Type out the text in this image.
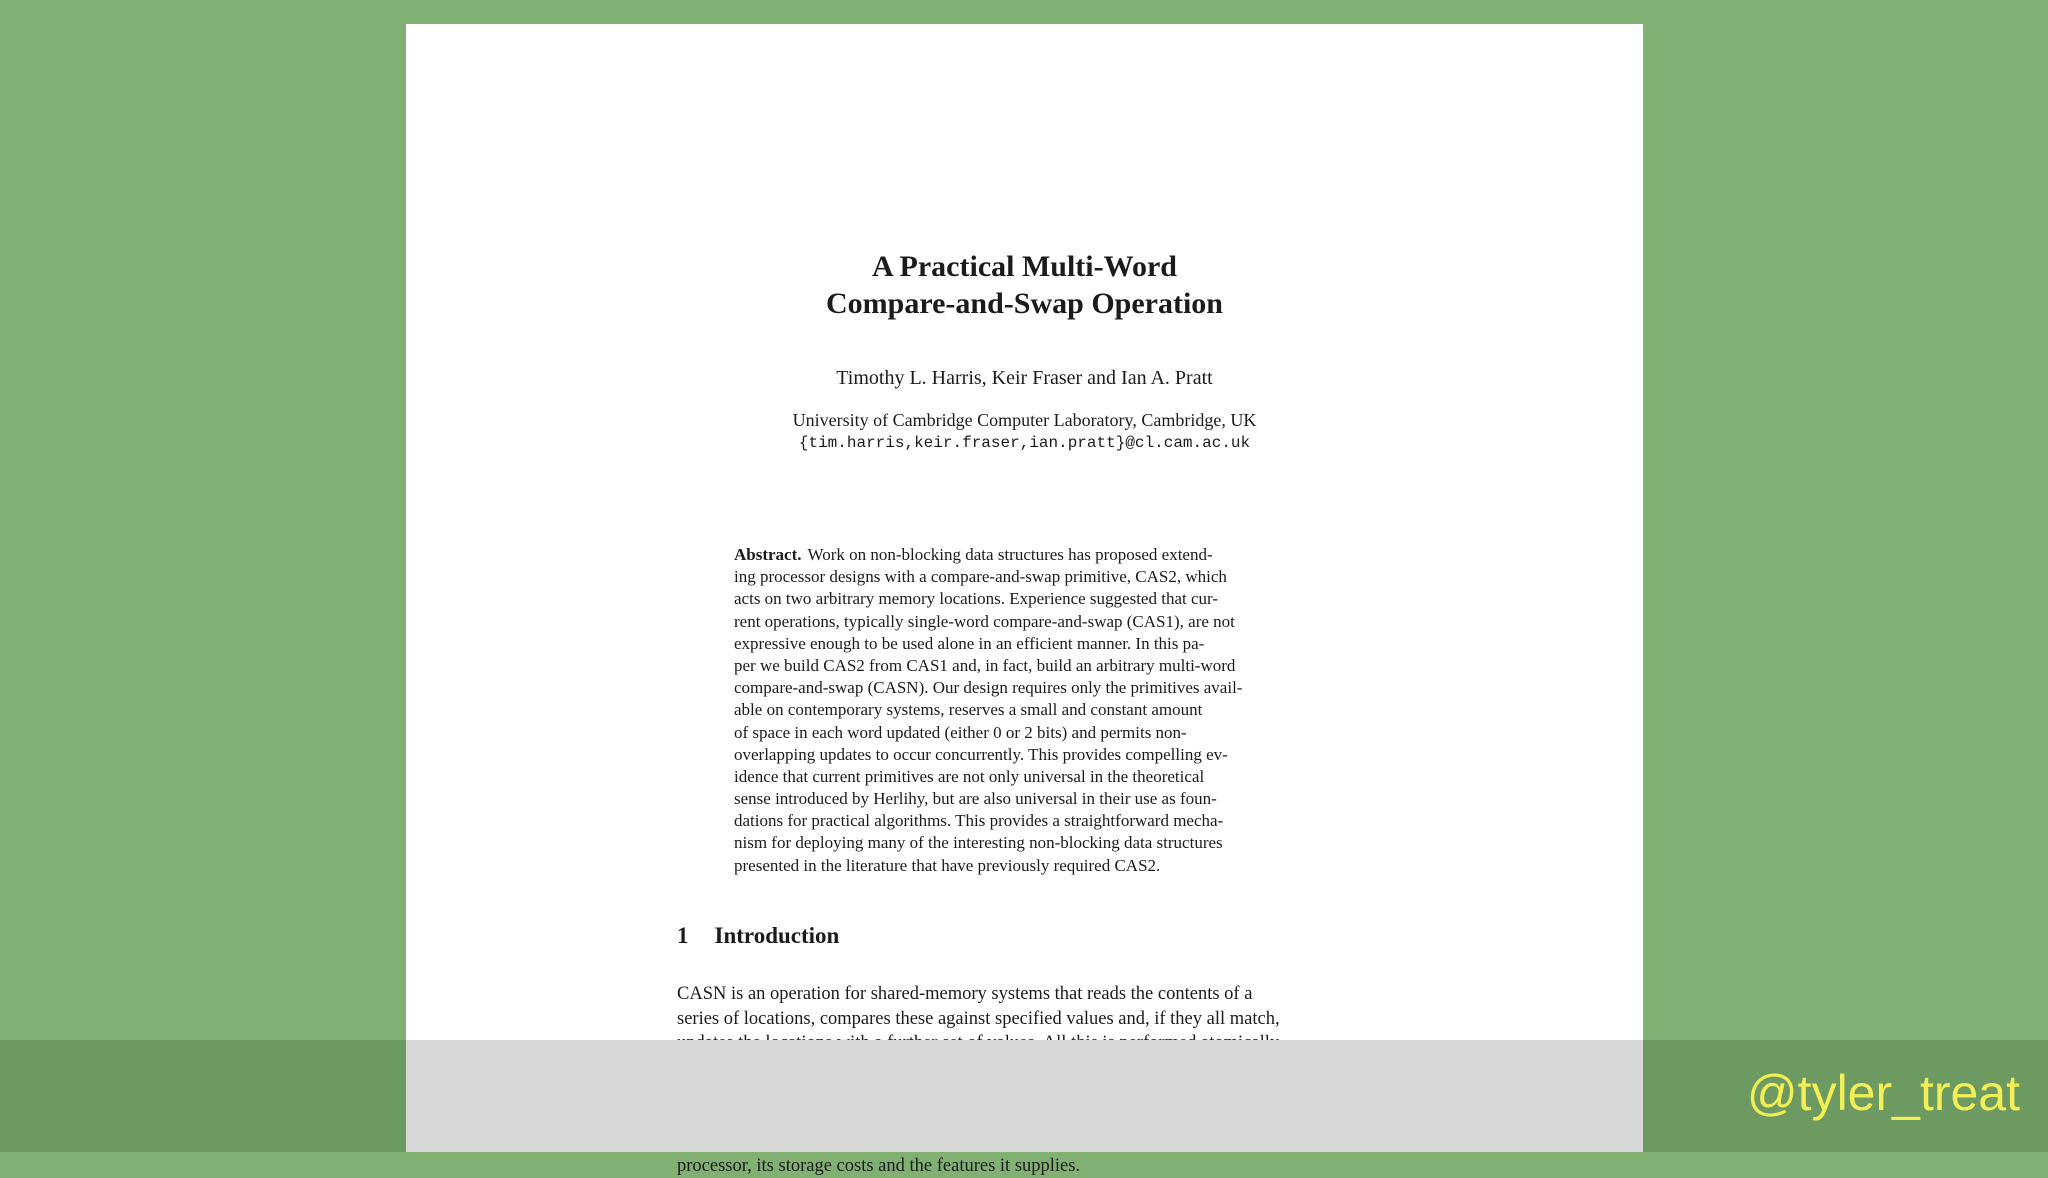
A Practical Multi-Word
Compare-and-Swap Operation
Timothy L. Harris, Keir Fraser and Ian A. Pratt
University of Cambridge Computer Laboratory, Cambridge, UK
{tim.harris,keir.fraser,ian.pratt}@cl.cam.ac.uk
Abstract. Work on non-blocking data structures has proposed extend-
ing processor designs with a compare-and-swap primitive, CAS2, which
acts on two arbitrary memory locations. Experience suggested that cur-
rent operations, typically single-word compare-and-swap (CAS1), are not
expressive enough to be used alone in an efficient manner. In this pa-
per we build CAS2 from CAS1 and, in fact, build an arbitrary multi-word
compare-and-swap (CASN). Our design requires only the primitives avail-
able on contemporary systems, reserves a small and constant amount
of space in each word updated (either 0 or 2 bits) and permits non-
overlapping updates to occur concurrently. This provides compelling ev-
idence that current primitives are not only universal in the theoretical
sense introduced by Herlihy, but are also universal in their use as foun-
dations for practical algorithms. This provides a straightforward mecha-
nism for deploying many of the interesting non-blocking data structures
presented in the literature that have previously required CAS2.
1 Introduction
CASN is an operation for shared-memory systems that reads the contents of a
series of locations, compares these against specified values and, if they all match,
processor, its storage costs and the features it supplies.
@tyler_treat
